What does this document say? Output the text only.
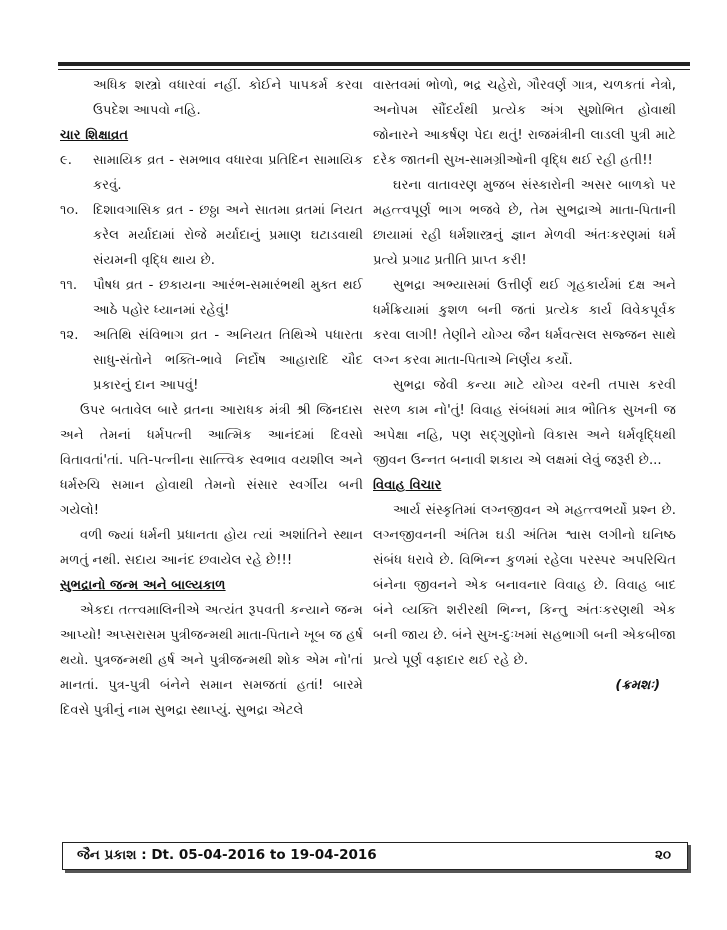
અધિક શસ્ત્રો વધારવાં નહીં. કોઈને પાપકર્મ કરવા ઉપદેશ આપવો નહિ.

ચાર શિક્ષાવ્રત
૯.	સામાયિક વ્રત - સમભાવ વધારવા પ્રતિદિન સામાયિક કરવું.
૧૦.	દિશાવગાસિક વ્રત - છઠ્ઠા અને સાતમા વ્રતમાં નિયત કરેલ મર્યાદામાં રોજે મર્યાદાનું પ્રમાણ ઘટાડવાથી સંયમની વૃદ્ધિ થાય છે.
૧૧.	પૌષધ વ્રત - છકાયના આરંભ-સમારંભથી મુક્ત થઈ આઠે પહોર ધ્યાનમાં રહેવું!
૧૨.	અતિથિ સંવિભાગ વ્રત - અનિયત તિથિએ પધારતા સાધુ-સંતોને ભક્તિ-ભાવે નિર્દોષ આહારાદિ ચૌદ પ્રકારનું દાન આપવું!

ઉપર બતાવેલ બારે વ્રતના આરાધક મંત્રી શ્રી જિનદાસ અને તેમનાં ધર્મપત્ની આત્મિક આનંદમાં દિવસો વિતાવતાં'તાં. પતિ-પત્નીના સાત્ત્વિક સ્વભાવ વયશીલ અને ધર્મરુચિ સમાન હોવાથી તેમનો સંસાર સ્વર્ગીય બની ગયેલો!

વળી જ્યાં ધર્મની પ્રધાનતા હોય ત્યાં અશાંતિને સ્થાન મળતું નથી. સદાય આનંદ છવાયેલ રહે છે!!!

સુભદ્રાનો જન્મ અને બાલ્યકાળ

એકદા તત્ત્વમાલિનીએ અત્યંત રૂપવતી કન્યાને જન્મ આપ્યો! અપ્સરાસમ પુત્રીજન્મથી માતા-પિતાને ખૂબ જ હર્ષ થયો. પુત્રજન્મથી હર્ષ અને પુત્રીજન્મથી શોક એમ નો'તાં માનતાં. પુત્ર-પુત્રી બંનેને સમાન સમજતાં હતાં! બારમે દિવસે પુત્રીનું નામ સુભદ્રા સ્થાપ્યું. સુભદ્રા એટલે

વાસ્તવમાં ભોળો, ભદ્ર ચહેરો, ગૌરવર્ણ ગાત્ર, ચળકતાં નેત્રો, અનોપમ સૌંદર્યથી પ્રત્યેક અંગ સુશોભિત હોવાથી જોનારને આકર્ષણ પેદા થતું! રાજમંત્રીની લાડલી પુત્રી માટે દરેક જાતની સુખ-સામગ્રીઓની વૃદ્ધિ થઈ રહી હતી!!

ઘરના વાતાવરણ મુજબ સંસ્કારોની અસર બાળકો પર મહત્ત્વપૂર્ણ ભાગ ભજવે છે, તેમ સુભદ્રાએ માતા-પિતાની છાયામાં રહી ધર્મશાસ્ત્રનું જ્ઞાન મેળવી અંતઃકરણમાં ધર્મ પ્રત્યે પ્રગાઢ પ્રતીતિ પ્રાપ્ત કરી!

સુભદ્રા અભ્યાસમાં ઉત્તીર્ણ થઈ ગૃહકાર્યમાં દક્ષ અને ધર્મક્રિયામાં કુશળ બની જતાં પ્રત્યેક કાર્ય વિવેકપૂર્વક કરવા લાગી! તેણીને યોગ્ય જૈન ધર્મવત્સલ સજ્જન સાથે લગ્ન કરવા માતા-પિતાએ નિર્ણય કર્યો.

સુભદ્રા જેવી કન્યા માટે યોગ્ય વરની તપાસ કરવી સરળ કામ નો'તું! વિવાહ સંબંધમાં માત્ર ભૌતિક સુખની જ અપેક્ષા નહિ, પણ સદ્ગુણોનો વિકાસ અને ધર્મવૃદ્ધિથી જીવન ઉન્નત બનાવી શકાય એ લક્ષમાં લેવું જરૂરી છે...

વિવાહ વિચાર

આર્ય સંસ્કૃતિમાં લગ્નજીવન એ મહત્ત્વભર્યો પ્રશ્ન છે. લગ્નજીવનની અંતિમ ઘડી અંતિમ શ્વાસ લગીનો ઘનિષ્ઠ સંબંધ ધરાવે છે. વિભિન્ન કુળમાં રહેલા પરસ્પર અપરિચિત બંનેના જીવનને એક બનાવનાર વિવાહ છે. વિવાહ બાદ બંને વ્યક્તિ શરીરથી ભિન્ન, કિન્તુ અંતઃકરણથી એક બની જાય છે. બંને સુખ-દુઃખમાં સહભાગી બની એકબીજા પ્રત્યે પૂર્ણ વફાદાર થઈ રહે છે.

(ક્રમશઃ)
જૈન પ્રકાશ : Dt. 05-04-2016 to 19-04-2016	૨૦
